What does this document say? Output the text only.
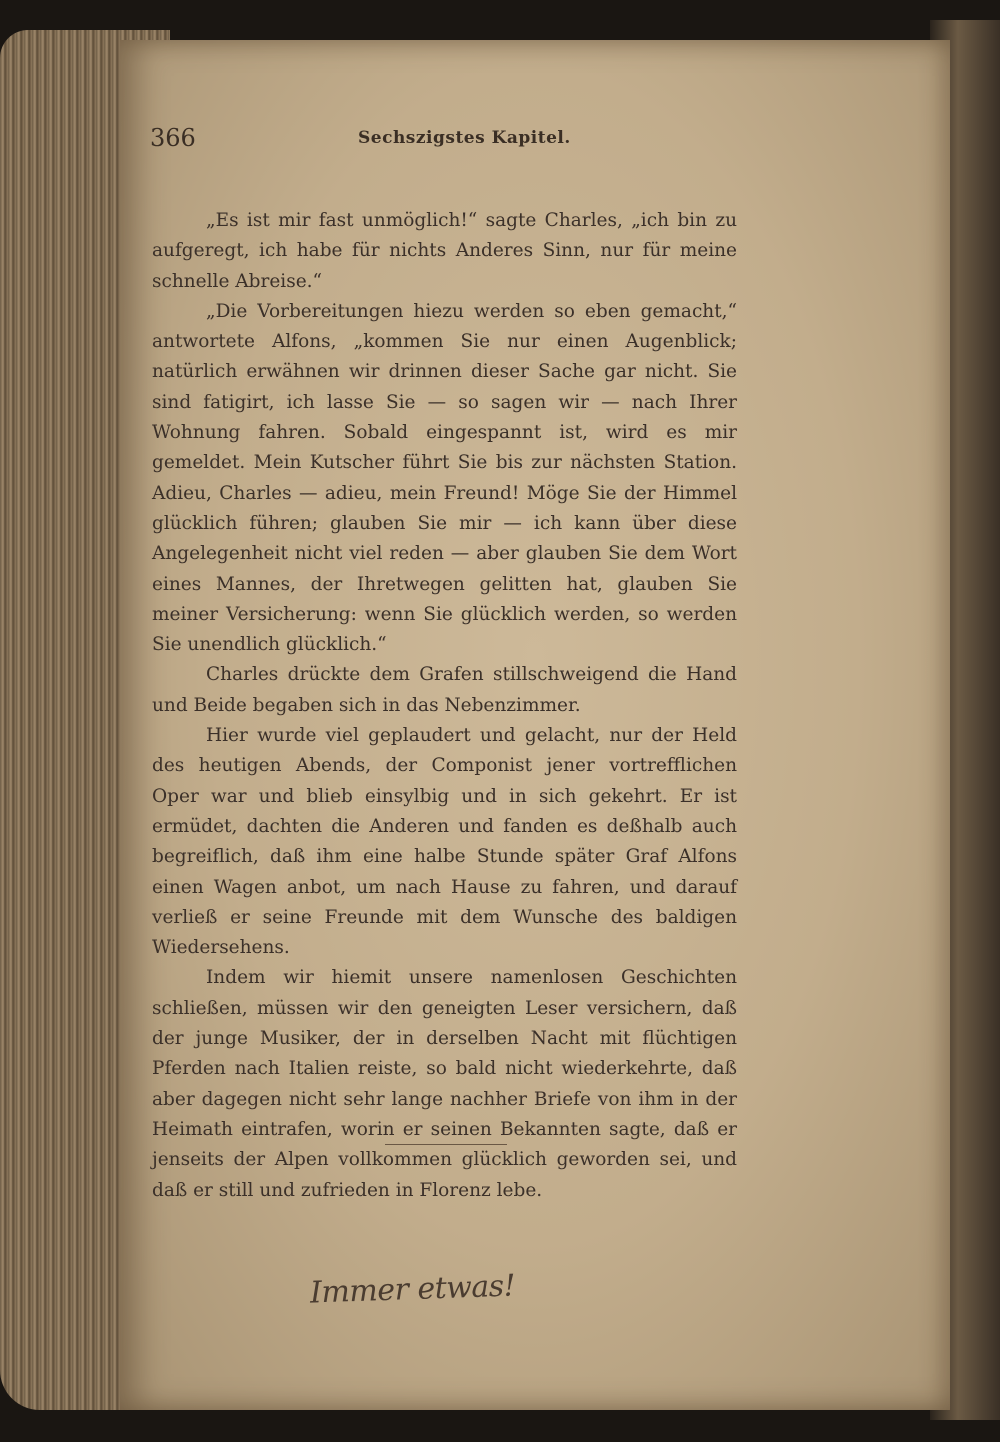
366	Sechszigstes Kapitel.

„Es ist mir fast unmöglich!“ sagte Charles, „ich bin zu aufgeregt, ich habe für nichts Anderes Sinn, nur für meine schnelle Abreise.“

„Die Vorbereitungen hiezu werden so eben gemacht,“ antwortete Alfons, „kommen Sie nur einen Augenblick; natürlich erwähnen wir drinnen dieser Sache gar nicht. Sie sind fatigirt, ich lasse Sie — so sagen wir — nach Ihrer Wohnung fahren. Sobald eingespannt ist, wird es mir gemeldet. Mein Kutscher führt Sie bis zur nächsten Station. Adieu, Charles — adieu, mein Freund! Möge Sie der Himmel glücklich führen; glauben Sie mir — ich kann über diese Angelegenheit nicht viel reden — aber glauben Sie dem Wort eines Mannes, der Ihretwegen gelitten hat, glauben Sie meiner Versicherung: wenn Sie glücklich werden, so werden Sie unendlich glücklich.“

Charles drückte dem Grafen stillschweigend die Hand und Beide begaben sich in das Nebenzimmer.

Hier wurde viel geplaudert und gelacht, nur der Held des heutigen Abends, der Componist jener vortrefflichen Oper war und blieb einsylbig und in sich gekehrt. Er ist ermüdet, dachten die Anderen und fanden es deßhalb auch begreiflich, daß ihm eine halbe Stunde später Graf Alfons einen Wagen anbot, um nach Hause zu fahren, und darauf verließ er seine Freunde mit dem Wunsche des baldigen Wiedersehens.

Indem wir hiemit unsere namenlosen Geschichten schließen, müssen wir den geneigten Leser versichern, daß der junge Musiker, der in derselben Nacht mit flüchtigen Pferden nach Italien reiste, so bald nicht wiederkehrte, daß aber dagegen nicht sehr lange nachher Briefe von ihm in der Heimath eintrafen, worin er seinen Bekannten sagte, daß er jenseits der Alpen vollkommen glücklich geworden sei, und daß er still und zufrieden in Florenz lebe.

Immer etwas!
